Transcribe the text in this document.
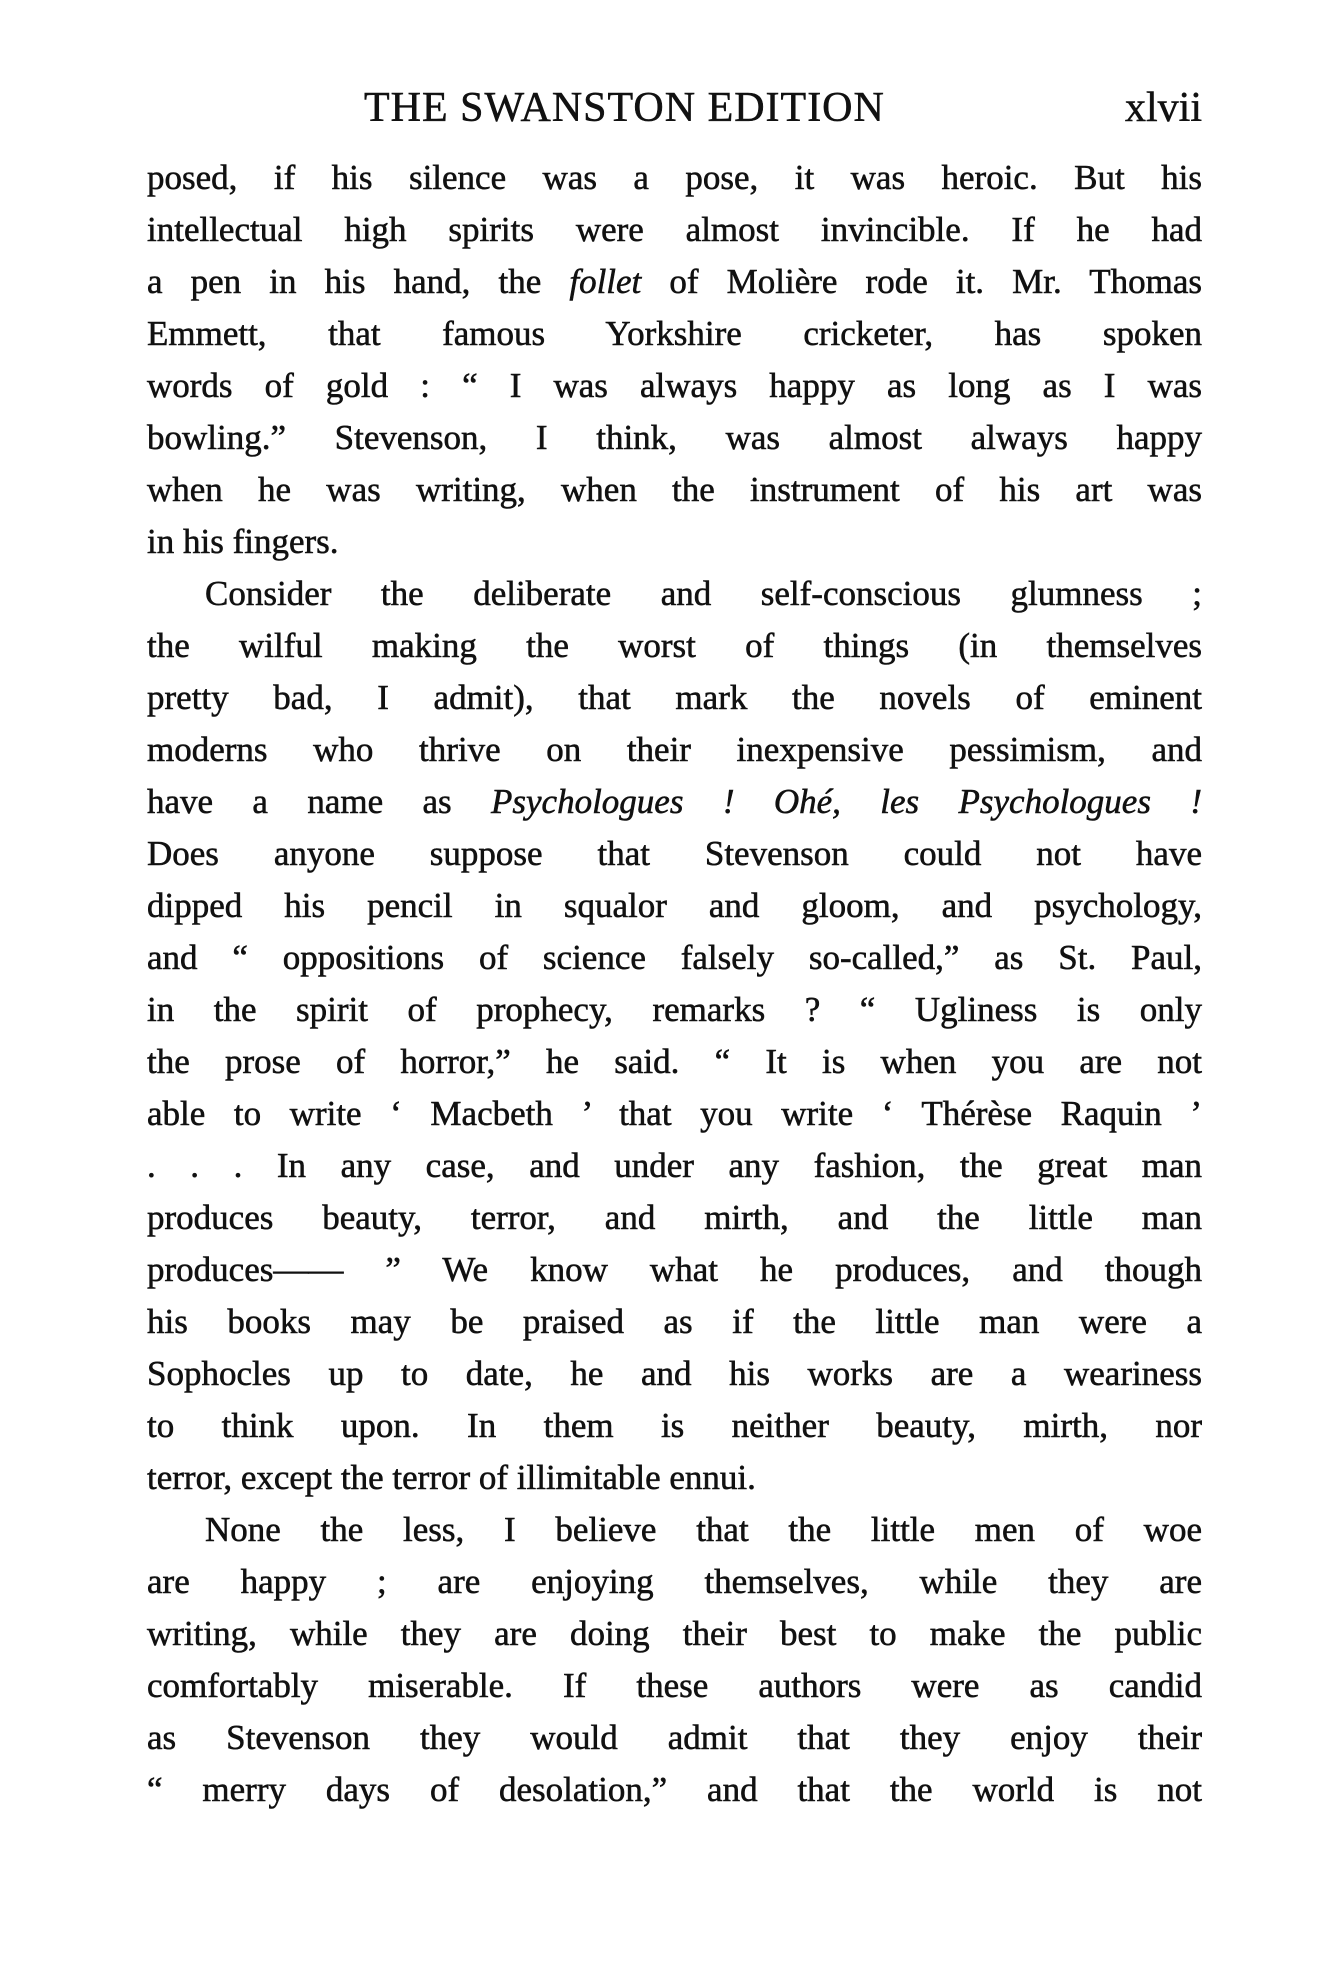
THE SWANSTON EDITION	xlvii
posed, if his silence was a pose, it was heroic. But his
intellectual high spirits were almost invincible. If he had
a pen in his hand, the follet of Molière rode it. Mr. Thomas
Emmett, that famous Yorkshire cricketer, has spoken
words of gold : “ I was always happy as long as I was
bowling.” Stevenson, I think, was almost always happy
when he was writing, when the instrument of his art was
in his fingers.
Consider the deliberate and self-conscious glumness ;
the wilful making the worst of things (in themselves
pretty bad, I admit), that mark the novels of eminent
moderns who thrive on their inexpensive pessimism, and
have a name as Psychologues ! Ohé, les Psychologues !
Does anyone suppose that Stevenson could not have
dipped his pencil in squalor and gloom, and psychology,
and “ oppositions of science falsely so-called,” as St. Paul,
in the spirit of prophecy, remarks ? “ Ugliness is only
the prose of horror,” he said. “ It is when you are not
able to write ‘ Macbeth ’ that you write ‘ Thérèse Raquin ’
. . . In any case, and under any fashion, the great man
produces beauty, terror, and mirth, and the little man
produces—— ” We know what he produces, and though
his books may be praised as if the little man were a
Sophocles up to date, he and his works are a weariness
to think upon. In them is neither beauty, mirth, nor
terror, except the terror of illimitable ennui.
None the less, I believe that the little men of woe
are happy ; are enjoying themselves, while they are
writing, while they are doing their best to make the public
comfortably miserable. If these authors were as candid
as Stevenson they would admit that they enjoy their
“ merry days of desolation,” and that the world is not
